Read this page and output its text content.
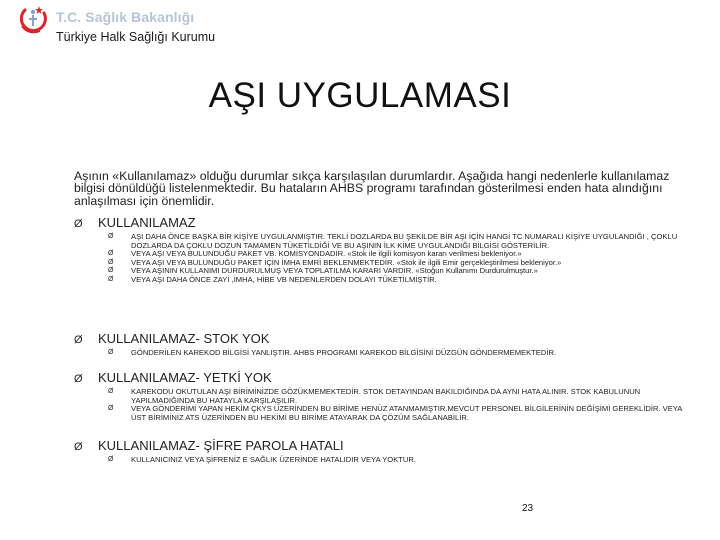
T.C. Sağlık Bakanlığı
Türkiye Halk Sağlığı Kurumu
AŞI UYGULAMASI
Aşının «Kullanılamaz» olduğu durumlar sıkça karşılaşılan durumlardır. Aşağıda hangi nedenlerle kullanılamaz bilgisi dönüldüğü listelenmektedir. Bu hataların AHBS programı tarafından gösterilmesi enden hata alındığını anlaşılması için önemlidir.
Ø KULLANILAMAZ
Ø AŞI DAHA ÖNCE BAŞKA BİR KİŞİYE UYGULANMIŞTIR. TEKLİ DOZLARDA BU ŞEKİLDE BİR AŞI İÇİN HANGİ TC NUMARALI KİŞİYE UYGULANDIĞI , ÇOKLU DOZLARDA DA ÇOKLU DOZUN TAMAMEN TÜKETİLDİĞİ VE BU AŞININ İLK KİME UYGULANDIĞI BİLGİSİ GÖSTERİLİR.
Ø VEYA AŞI VEYA BULUNDUĞU PAKET VB. KOMİSYONDADIR. «Stok ile ilgili komisyon kararı verilmesi bekleniyor.»
Ø VEYA AŞI VEYA BULUNDUĞU PAKET İÇİN İMHA EMRİ BEKLENMEKTEDİR. «Stok ile ilgili Emir gerçekleştirilmesi bekleniyor.»
Ø VEYA AŞININ KULLANIMI DURDURULMUŞ VEYA TOPLATILMA KARARI VARDIR. «Stoğun Kullanımı Durdurulmuştur.»
Ø VEYA AŞI DAHA ÖNCE ZAYİ ,İMHA, HİBE VB NEDENLERDEN DOLAYI TÜKETİLMİŞTİR.
Ø KULLANILAMAZ- STOK YOK
Ø GÖNDERİLEN KAREKOD BİLGİSİ YANLIŞTIR. AHBS PROGRAMI KAREKOD BİLGİSİNİ DÜZGÜN GÖNDERMEMEKTEDİR.
Ø KULLANILAMAZ- YETKİ YOK
Ø KAREKODU OKUTULAN AŞI BİRİMİNİZDE GÖZÜKMEMEKTEDİR. STOK DETAYINDAN BAKILDIĞINDA DA AYNI HATA ALINIR. STOK KABULUNUN YAPILMADIĞINDA BU HATAYLA KARŞILAŞILIR.
Ø VEYA GÖNDERİMİ YAPAN HEKİM ÇKYS ÜZERİNDEN BU BİRİME HENÜZ ATANMAMIŞTIR.MEVCUT PERSONEL BİLGİLERİNİN DEĞİŞİMİ GEREKLİDİR. VEYA ÜST BİRİMİNİZ ATS ÜZERİNDEN BU HEKİMİ BU BİRİME ATAYARAK DA ÇÖZÜM SAĞLANABİLİR.
Ø KULLANILAMAZ- ŞİFRE PAROLA HATALI
Ø KULLANICINIZ VEYA ŞİFRENİZ E SAĞLIK ÜZERİNDE HATALIDIR VEYA YOKTUR.
23
